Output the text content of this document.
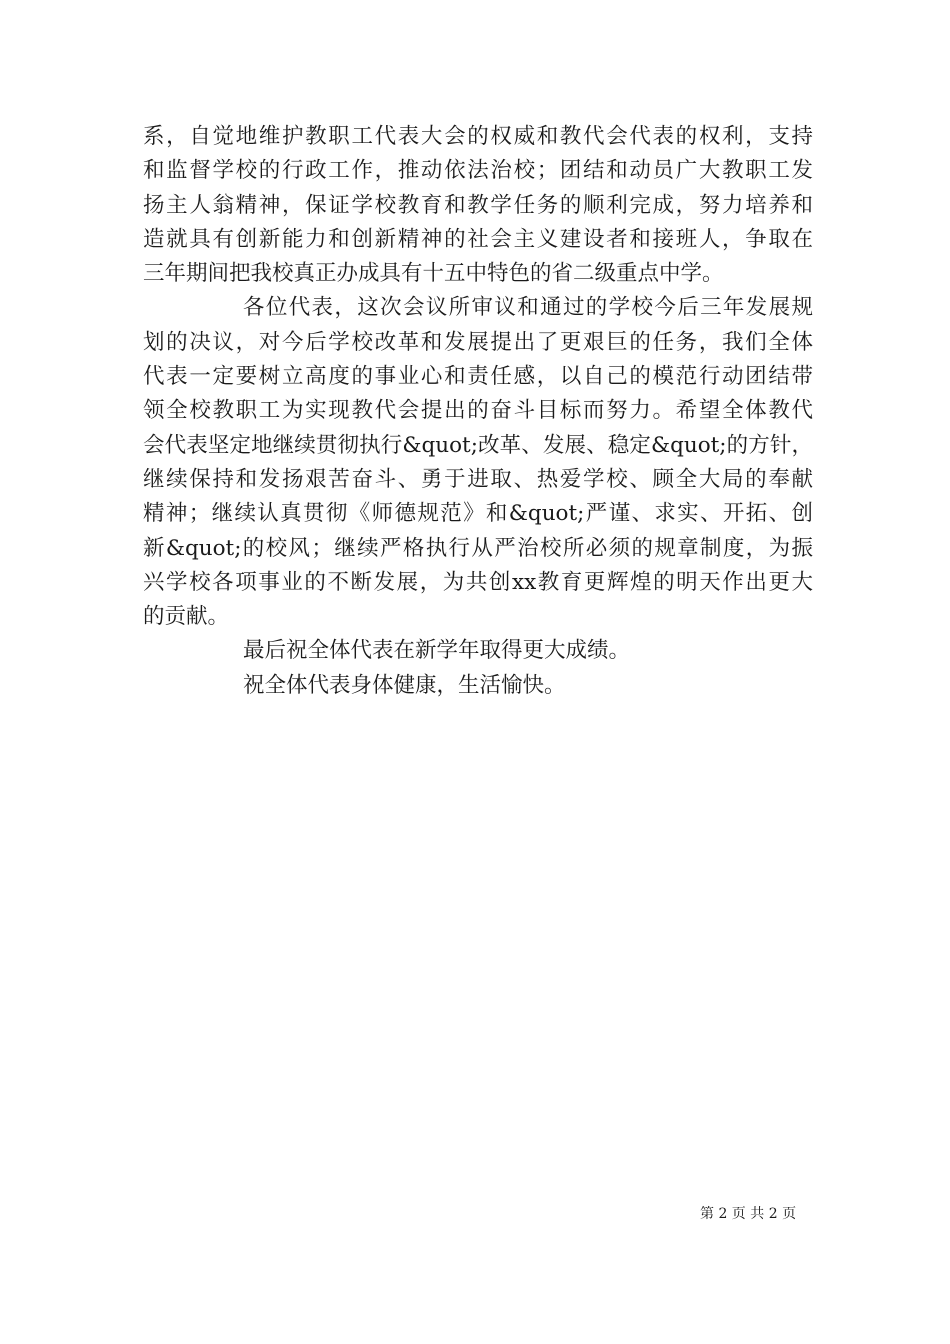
系，自觉地维护教职工代表大会的权威和教代会代表的权利，支持
和监督学校的行政工作，推动依法治校；团结和动员广大教职工发
扬主人翁精神，保证学校教育和教学任务的顺利完成，努力培养和
造就具有创新能力和创新精神的社会主义建设者和接班人，争取在
三年期间把我校真正办成具有十五中特色的省二级重点中学。
各位代表，这次会议所审议和通过的学校今后三年发展规
划的决议，对今后学校改革和发展提出了更艰巨的任务，我们全体
代表一定要树立高度的事业心和责任感，以自己的模范行动团结带
领全校教职工为实现教代会提出的奋斗目标而努力。希望全体教代
会代表坚定地继续贯彻执行&quot;改革、发展、稳定&quot;的方针，
继续保持和发扬艰苦奋斗、勇于进取、热爱学校、顾全大局的奉献
精神；继续认真贯彻《师德规范》和&quot;严谨、求实、开拓、创
新&quot;的校风；继续严格执行从严治校所必须的规章制度，为振
兴学校各项事业的不断发展，为共创xx教育更辉煌的明天作出更大
的贡献。
最后祝全体代表在新学年取得更大成绩。
祝全体代表身体健康，生活愉快。
第 2 页 共 2 页
